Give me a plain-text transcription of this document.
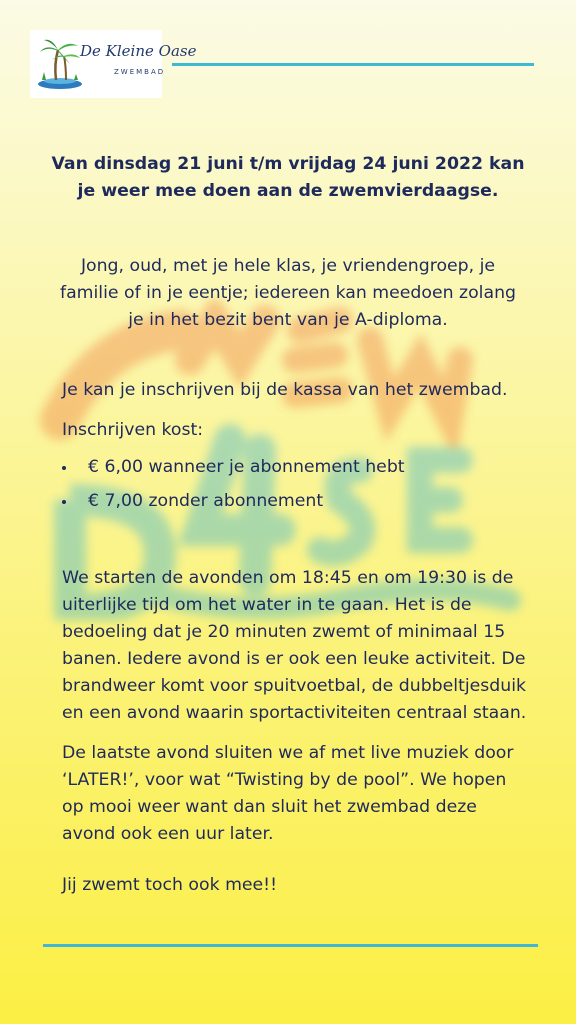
De Kleine Oase
ZWEMBAD
Van dinsdag 21 juni t/m vrijdag 24 juni 2022 kan
je weer mee doen aan de zwemvierdaagse.
Jong, oud, met je hele klas, je vriendengroep, je
familie of in je eentje; iedereen kan meedoen zolang
je in het bezit bent van je A-diploma.
Je kan je inschrijven bij de kassa van het zwembad.
Inschrijven kost:
€ 6,00 wanneer je abonnement hebt
€ 7,00 zonder abonnement
We starten de avonden om 18:45 en om 19:30 is de
uiterlijke tijd om het water in te gaan. Het is de
bedoeling dat je 20 minuten zwemt of minimaal 15
banen. Iedere avond is er ook een leuke activiteit. De
brandweer komt voor spuitvoetbal, de dubbeltjesduik
en een avond waarin sportactiviteiten centraal staan.
De laatste avond sluiten we af met live muziek door
‘LATER!’, voor wat “Twisting by de pool”. We hopen
op mooi weer want dan sluit het zwembad deze
avond ook een uur later.
Jij zwemt toch ook mee!!
